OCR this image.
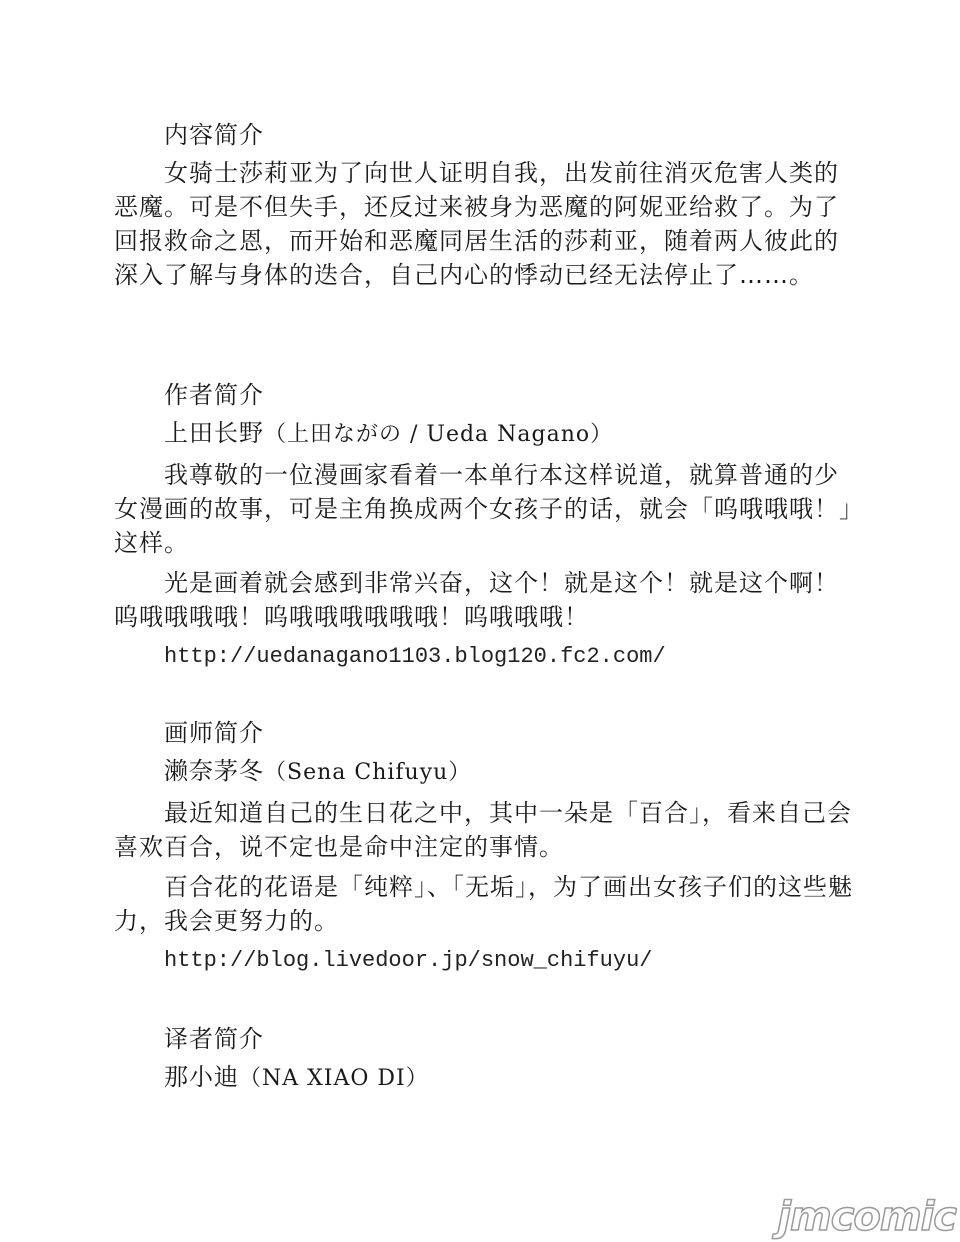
内容简介

女骑士莎莉亚为了向世人证明自我，出发前往消灭危害人类的恶魔。可是不但失手，还反过来被身为恶魔的阿妮亚给救了。为了回报救命之恩，而开始和恶魔同居生活的莎莉亚，随着两人彼此的深入了解与身体的迭合，自己内心的悸动已经无法停止了……。

作者简介
上田长野（上田ながの / Ueda Nagano）

我尊敬的一位漫画家看着一本单行本这样说道，就算普通的少女漫画的故事，可是主角换成两个女孩子的话，就会「呜哦哦哦！」这样。

光是画着就会感到非常兴奋，这个！就是这个！就是这个啊！呜哦哦哦哦！呜哦哦哦哦哦哦！呜哦哦哦！

http://uedanagano1103.blog120.fc2.com/
画师简介
濑奈茅冬（Sena Chifuyu）

最近知道自己的生日花之中，其中一朵是「百合」，看来自己会喜欢百合，说不定也是命中注定的事情。

百合花的花语是「纯粹」、「无垢」，为了画出女孩子们的这些魅力，我会更努力的。

http://blog.livedoor.jp/snow_chifuyu/
译者简介
那小迪（NA XIAO DI）
jmcomic
